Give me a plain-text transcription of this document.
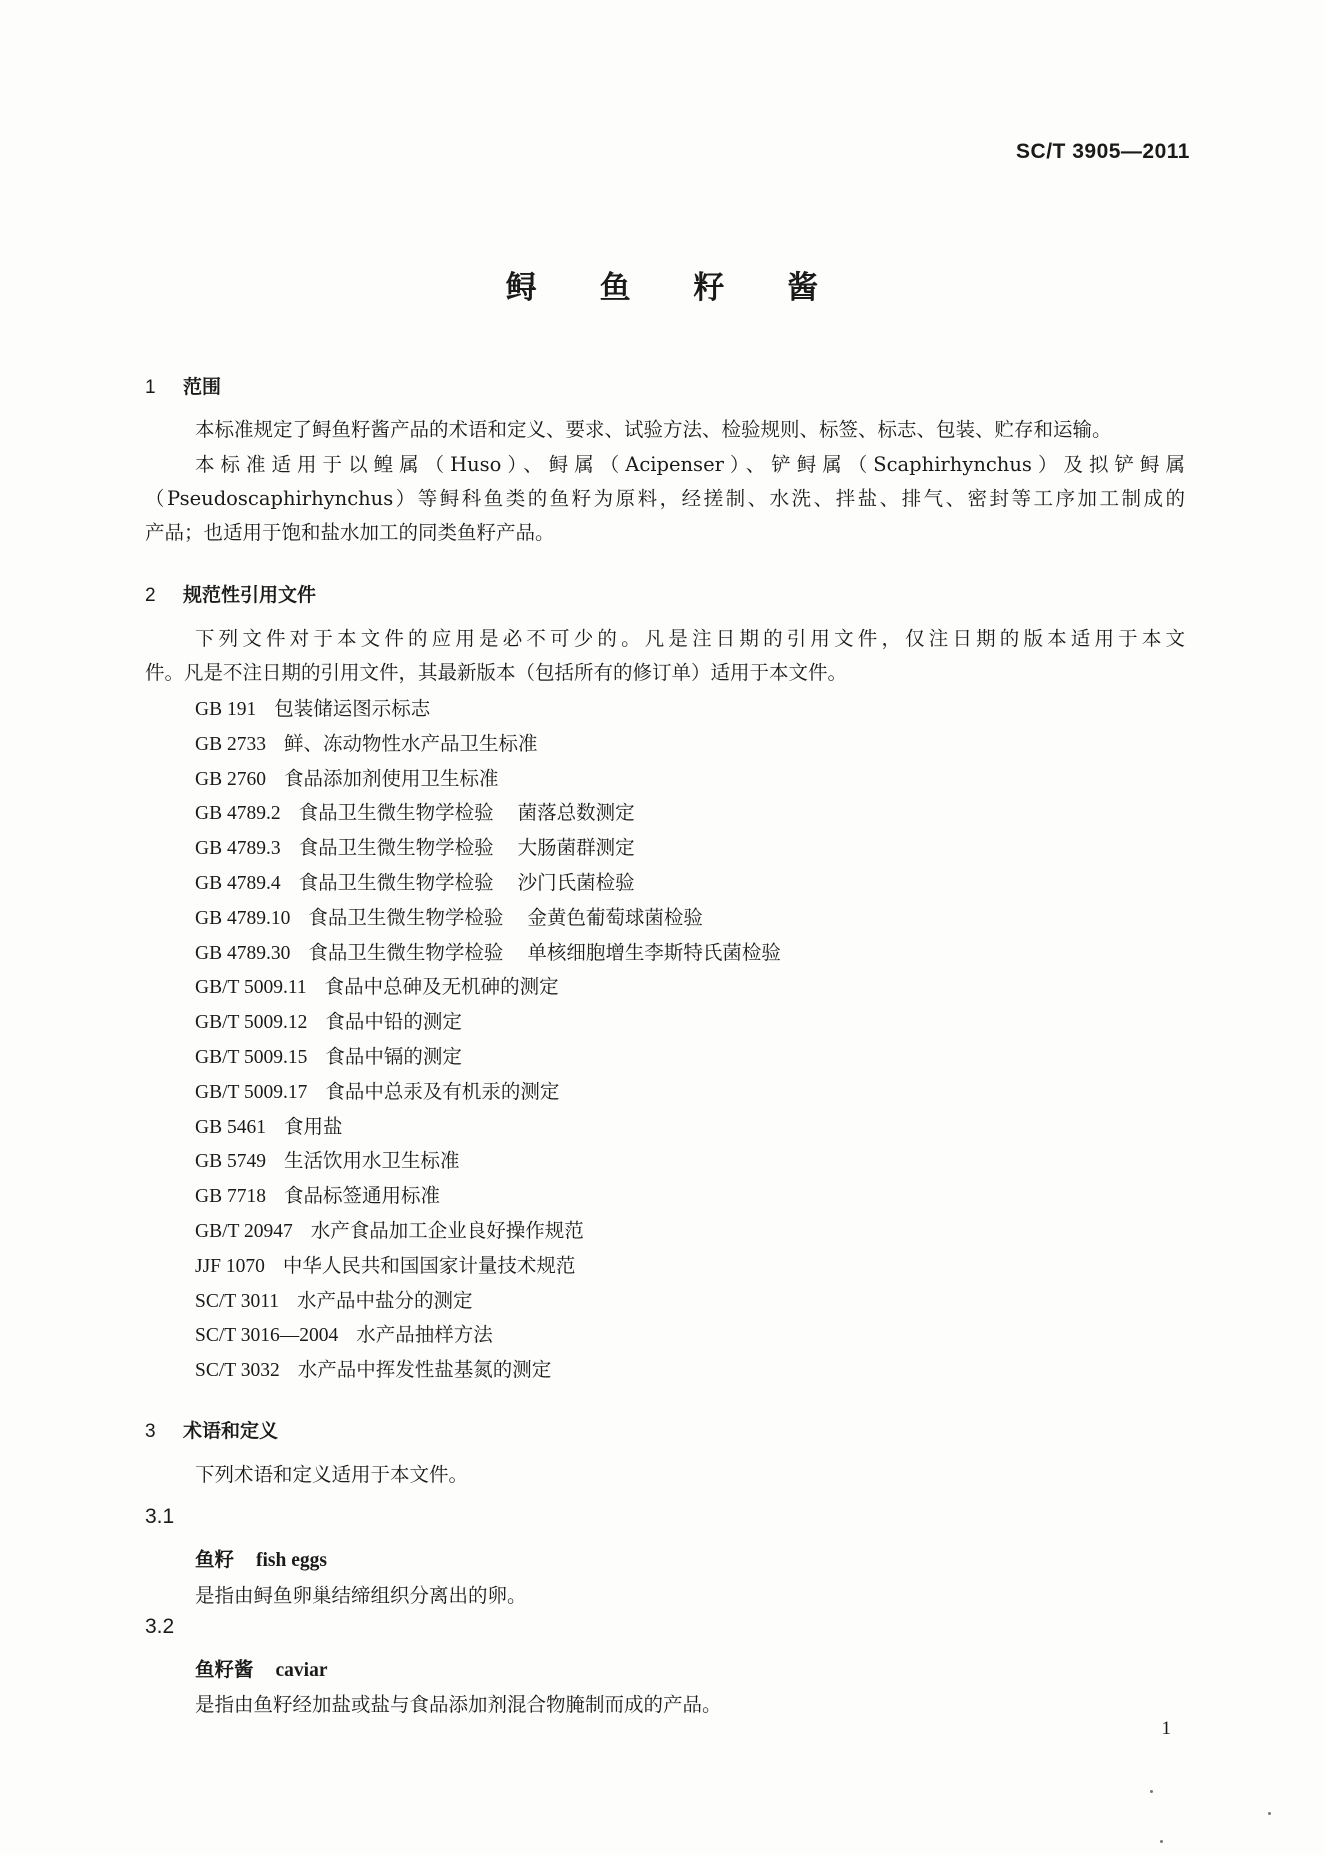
SC/T 3905—2011
鲟 鱼 籽 酱
1 范围
本标准规定了鲟鱼籽酱产品的术语和定义、要求、试验方法、检验规则、标签、标志、包装、贮存和运输。
本标准适用于以鳇属（Huso）、鲟属（Acipenser）、铲鲟属（Scaphirhynchus）及拟铲鲟属
（Pseudoscaphirhynchus）等鲟科鱼类的鱼籽为原料，经搓制、水洗、拌盐、排气、密封等工序加工制成的
产品；也适用于饱和盐水加工的同类鱼籽产品。
2 规范性引用文件
下列文件对于本文件的应用是必不可少的。凡是注日期的引用文件，仅注日期的版本适用于本文
件。凡是不注日期的引用文件，其最新版本（包括所有的修订单）适用于本文件。
GB 191 包装储运图示标志
GB 2733 鲜、冻动物性水产品卫生标准
GB 2760 食品添加剂使用卫生标准
GB 4789.2 食品卫生微生物学检验 菌落总数测定
GB 4789.3 食品卫生微生物学检验 大肠菌群测定
GB 4789.4 食品卫生微生物学检验 沙门氏菌检验
GB 4789.10 食品卫生微生物学检验 金黄色葡萄球菌检验
GB 4789.30 食品卫生微生物学检验 单核细胞增生李斯特氏菌检验
GB/T 5009.11 食品中总砷及无机砷的测定
GB/T 5009.12 食品中铅的测定
GB/T 5009.15 食品中镉的测定
GB/T 5009.17 食品中总汞及有机汞的测定
GB 5461 食用盐
GB 5749 生活饮用水卫生标准
GB 7718 食品标签通用标准
GB/T 20947 水产食品加工企业良好操作规范
JJF 1070 中华人民共和国国家计量技术规范
SC/T 3011 水产品中盐分的测定
SC/T 3016—2004 水产品抽样方法
SC/T 3032 水产品中挥发性盐基氮的测定
3 术语和定义
下列术语和定义适用于本文件。
3.1
鱼籽 fish eggs
是指由鲟鱼卵巢结缔组织分离出的卵。
3.2
鱼籽酱 caviar
是指由鱼籽经加盐或盐与食品添加剂混合物腌制而成的产品。
1
